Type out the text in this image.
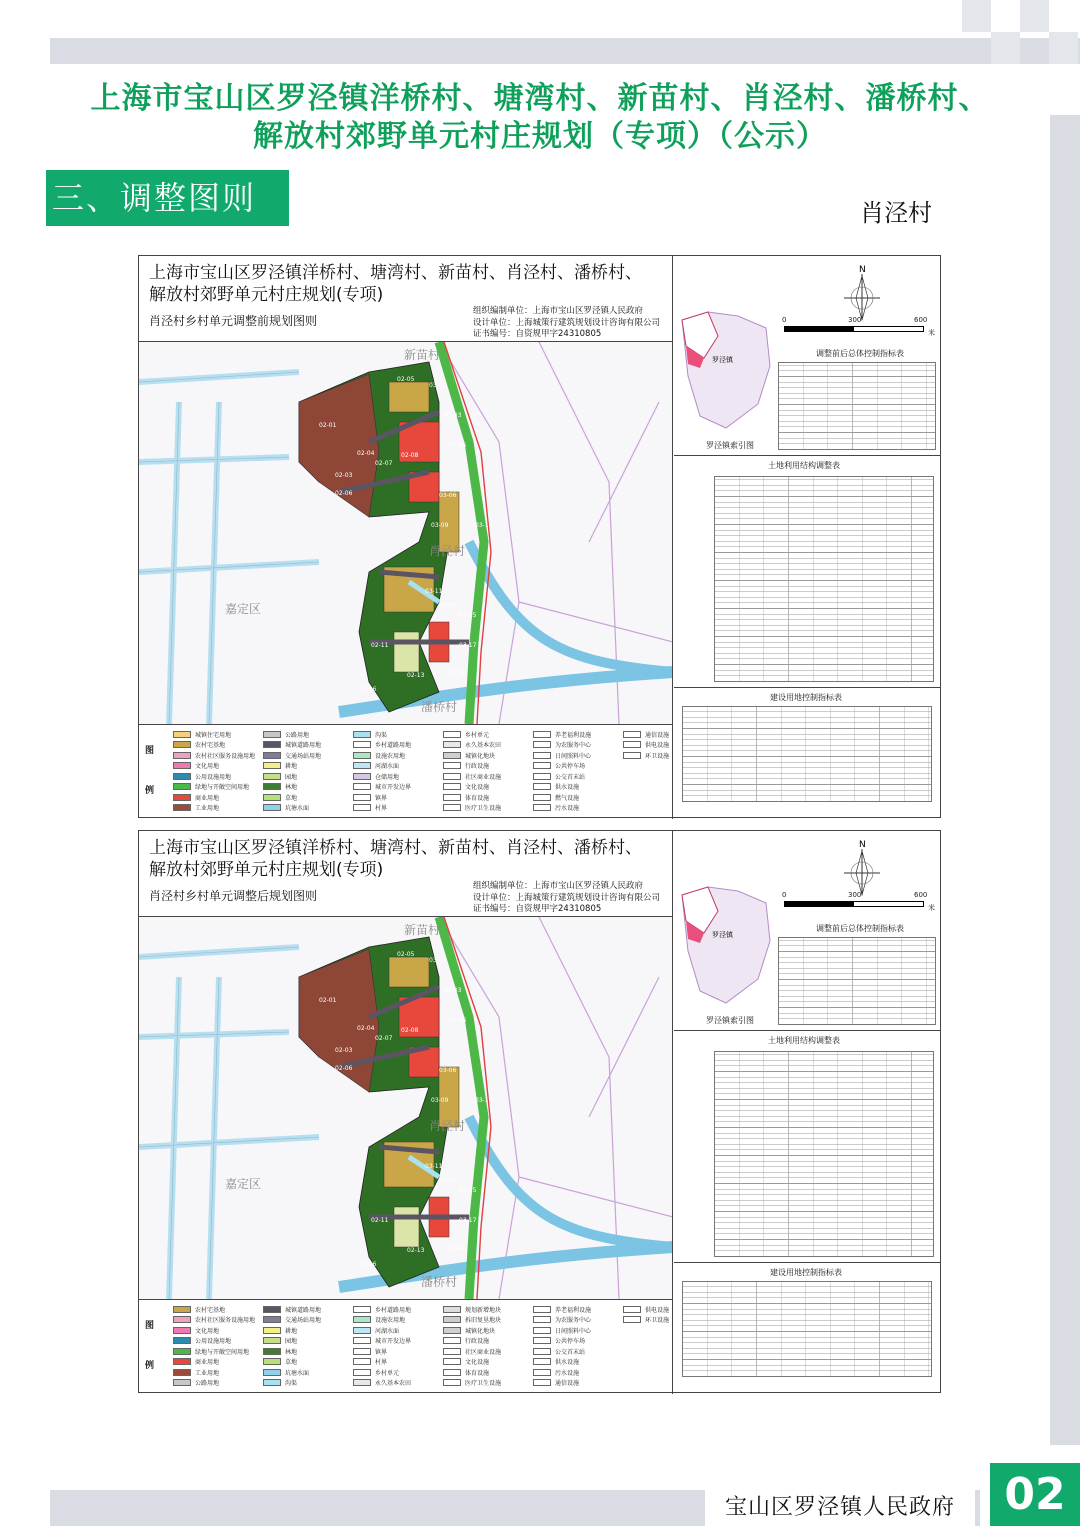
上海市宝山区罗泾镇洋桥村、塘湾村、新苗村、肖泾村、潘桥村、
解放村郊野单元村庄规划（专项）（公示）
三、调整图则	肖泾村
上海市宝山区罗泾镇洋桥村、塘湾村、新苗村、肖泾村、潘桥村、
解放村郊野单元村庄规划(专项)
肖泾村乡村单元调整前规划图则
组织编制单位：上海市宝山区罗泾镇人民政府
设计单位：上海城策行建筑规划设计咨询有限公司
证书编号：自资规甲字24310805
新苗村
肖泾村
嘉定区
潘桥村
02-01
02-03
02-06
02-04
02-07
02-05
02-08
03-01
03-03
03-05
03-06
03-09	03-10
03-11
03-12
03-15
03-17
02-11
02-13
02-16
03-18
图
例
城镇住宅用地
农村宅基地
农村社区服务设施用地
文化用地
公用设施用地
绿地与开敞空间用地
商业用地
工业用地
公路用地
城镇道路用地
交通场站用地
耕地
园地
林地
草地
坑塘水面
沟渠
乡村道路用地
设施农用地
河湖水面
仓储用地
城市开发边界
镇界
村界
乡村单元
永久基本农田
城镇化地块
行政设施
社区商业设施
文化设施
体育设施
医疗卫生设施
养老福利设施
为农服务中心
日间照料中心
公共停车场
公交首末站
供水设施
燃气设施
污水设施
通信设施
供电设施
环卫设施
N
0	300	600
米
罗泾镇
罗泾镇索引图
调整前后总体控制指标表
土地利用结构调整表
建设用地控制指标表
上海市宝山区罗泾镇洋桥村、塘湾村、新苗村、肖泾村、潘桥村、
解放村郊野单元村庄规划(专项)
肖泾村乡村单元调整后规划图则
组织编制单位：上海市宝山区罗泾镇人民政府
设计单位：上海城策行建筑规划设计咨询有限公司
证书编号：自资规甲字24310805
新苗村
肖泾村
嘉定区
潘桥村
02-01
02-03
02-06
02-04
02-07
02-05
02-08
03-01
03-03
03-05
03-06
03-09	03-10
03-11
03-12
03-15
03-17
02-11
02-13
02-16
03-18
图
例
农村宅基地
农村社区服务设施用地
文化用地
公用设施用地
绿地与开敞空间用地
商业用地
工业用地
公路用地
城镇道路用地
交通场站用地
耕地
园地
林地
草地
坑塘水面
沟渠
乡村道路用地
设施农用地
河湖水面
城市开发边界
镇界
村界
乡村单元
永久基本农田
规划新增地块
拆旧复垦地块
城镇化地块
行政设施
社区商业设施
文化设施
体育设施
医疗卫生设施
养老福利设施
为农服务中心
日间照料中心
公共停车场
公交首末站
供水设施
污水设施
通信设施
供电设施
环卫设施
N
0	300	600
米
罗泾镇
罗泾镇索引图
调整前后总体控制指标表
土地利用结构调整表
建设用地控制指标表
宝山区罗泾镇人民政府	02
